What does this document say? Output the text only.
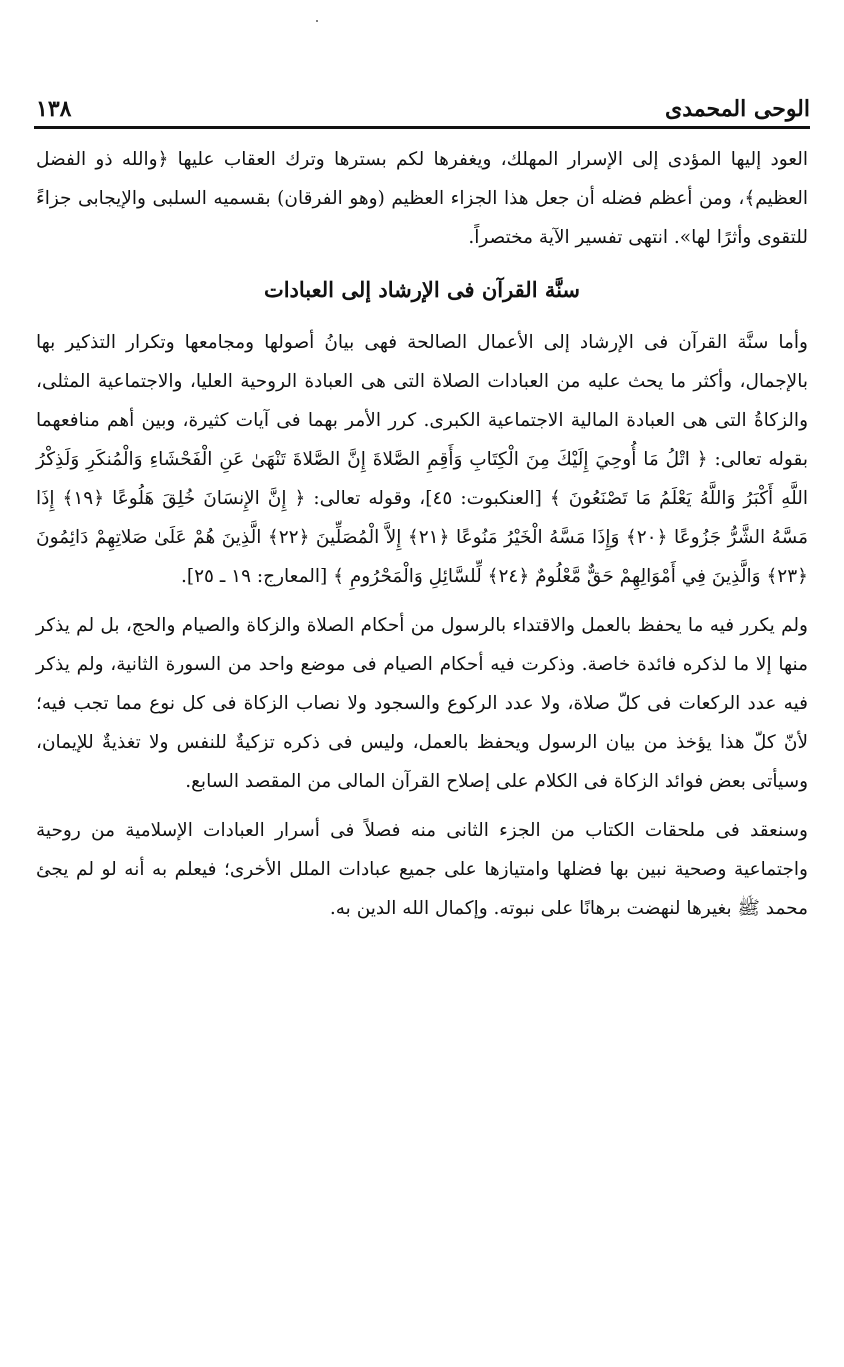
الوحى المحمدى
١٣٨

العود إليها المؤدى إلى الإسرار المهلك، ويغفرها لكم بسترها وترك العقاب عليها ﴿والله ذو الفضل العظيم﴾، ومن أعظم فضله أن جعل هذا الجزاء العظيم (وهو الفرقان) بقسميه السلبى والإيجابى جزاءً للتقوى وأثرًا لها». انتهى تفسير الآية مختصراً.

سنَّة القرآن فى الإرشاد إلى العبادات

وأما سنَّة القرآن فى الإرشاد إلى الأعمال الصالحة فهى بيانُ أصولها ومجامعها وتكرار التذكير بها بالإجمال، وأكثر ما يحث عليه من العبادات الصلاة التى هى العبادة الروحية العليا، والاجتماعية المثلى، والزكاةُ التى هى العبادة المالية الاجتماعية الكبرى. كرر الأمر بهما فى آيات كثيرة، وبين أهم منافعهما بقوله تعالى: ﴿ اتْلُ مَا أُوحِيَ إِلَيْكَ مِنَ الْكِتَابِ وَأَقِمِ الصَّلاةَ إِنَّ الصَّلاةَ تَنْهَىٰ عَنِ الْفَحْشَاءِ وَالْمُنكَرِ وَلَذِكْرُ اللَّهِ أَكْبَرُ وَاللَّهُ يَعْلَمُ مَا تَصْنَعُونَ ﴾ [العنكبوت: ٤٥]، وقوله تعالى: ﴿ إِنَّ الإِنسَانَ خُلِقَ هَلُوعًا ﴿١٩﴾ إِذَا مَسَّهُ الشَّرُّ جَزُوعًا ﴿٢٠﴾ وَإِذَا مَسَّهُ الْخَيْرُ مَنُوعًا ﴿٢١﴾ إِلاَّ الْمُصَلِّينَ ﴿٢٢﴾ الَّذِينَ هُمْ عَلَىٰ صَلاتِهِمْ دَائِمُونَ ﴿٢٣﴾ وَالَّذِينَ فِي أَمْوَالِهِمْ حَقٌّ مَّعْلُومٌ ﴿٢٤﴾ لِّلسَّائِلِ وَالْمَحْرُومِ ﴾ [المعارج: ١٩ ـ ٢٥].

ولم يكرر فيه ما يحفظ بالعمل والاقتداء بالرسول من أحكام الصلاة والزكاة والصيام والحج، بل لم يذكر منها إلا ما لذكره فائدة خاصة. وذكرت فيه أحكام الصيام فى موضع واحد من السورة الثانية، ولم يذكر فيه عدد الركعات فى كلّ صلاة، ولا عدد الركوع والسجود ولا نصاب الزكاة فى كل نوع مما تجب فيه؛ لأنّ كلّ هذا يؤخذ من بيان الرسول ويحفظ بالعمل، وليس فى ذكره تزكيةٌ للنفس ولا تغذيةٌ للإيمان، وسيأتى بعض فوائد الزكاة فى الكلام على إصلاح القرآن المالى من المقصد السابع.

وسنعقد فى ملحقات الكتاب من الجزء الثانى منه فصلاً فى أسرار العبادات الإسلامية من روحية واجتماعية وصحية نبين بها فضلها وامتيازها على جميع عبادات الملل الأخرى؛ فيعلم به أنه لو لم يجئ محمد ﷺ بغيرها لنهضت برهانًا على نبوته. وإكمال الله الدين به.
